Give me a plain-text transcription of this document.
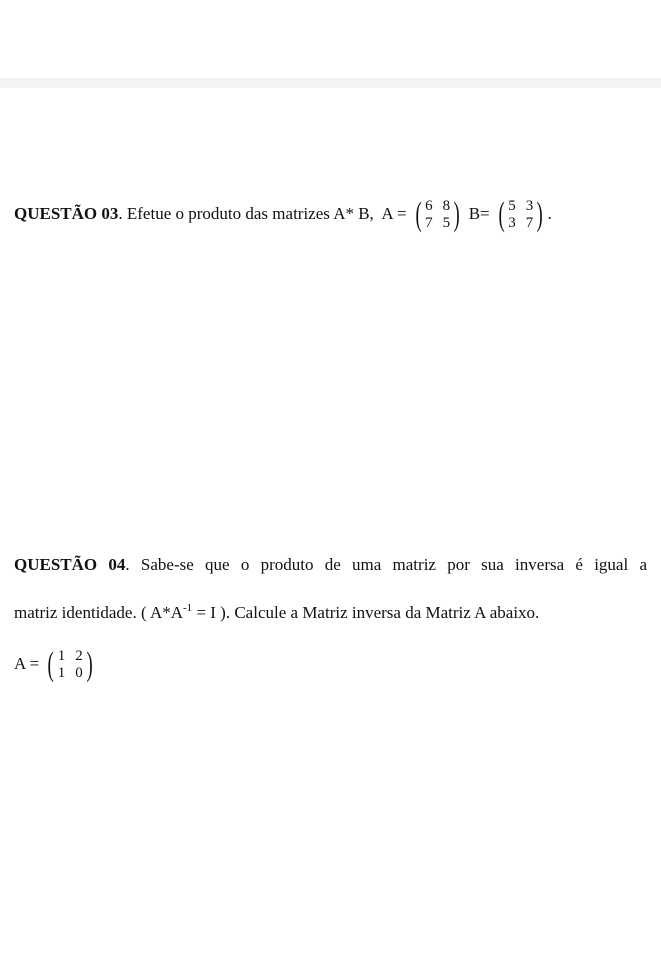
QUESTÃO 03. Efetue o produto das matrizes A* B, A = ( 6 8
7 5 ) B= ( 5 3
3 7 ) .
QUESTÃO 04. Sabe-se que o produto de uma matriz por sua inversa é igual a
matriz identidade. ( $A*A^{-1} = I$ ). Calcule a Matriz inversa da Matriz A abaixo.
A = ( 1 2
1 0 )
